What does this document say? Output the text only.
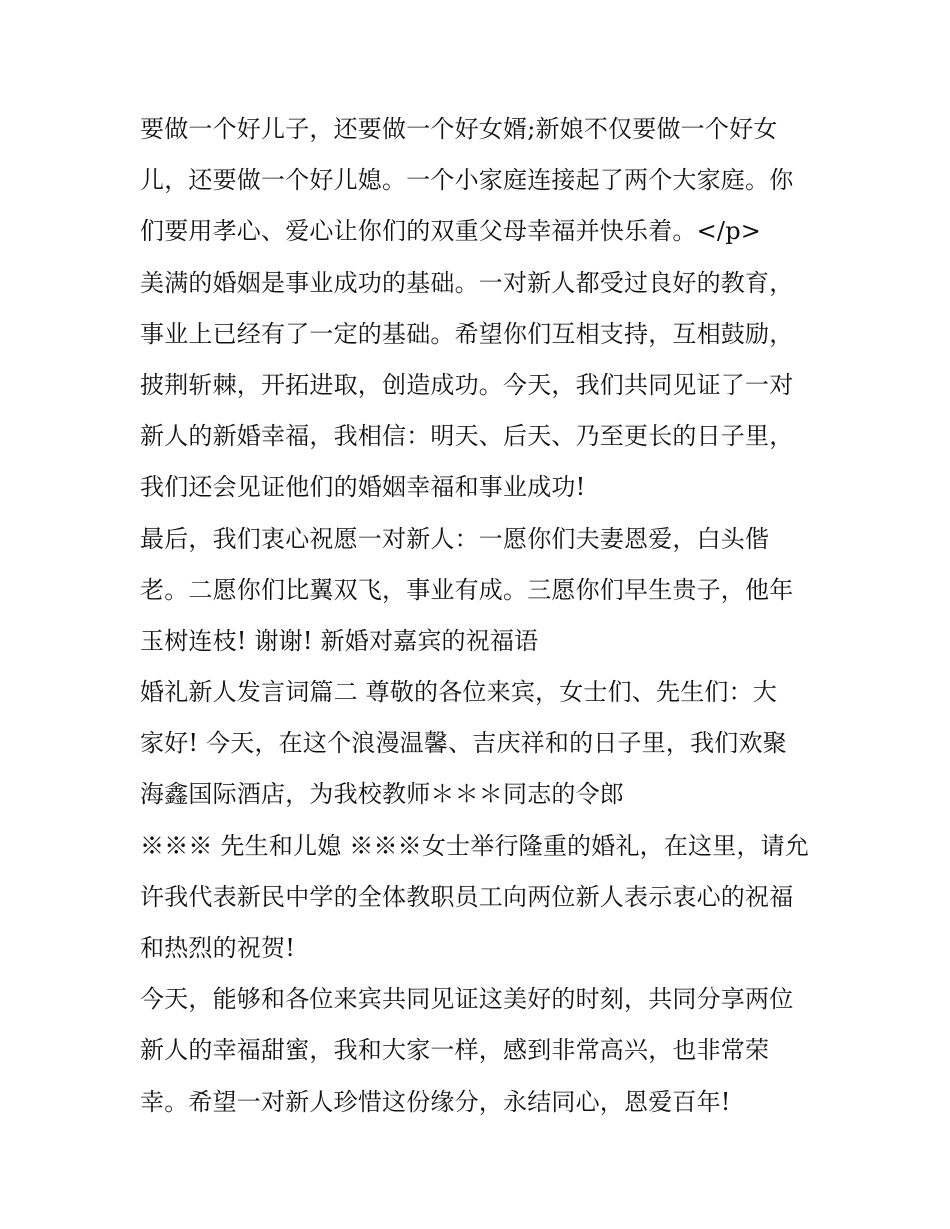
要做一个好儿子，还要做一个好女婿;新娘不仅要做一个好女
儿，还要做一个好儿媳。一个小家庭连接起了两个大家庭。你
们要用孝心、爱心让你们的双重父母幸福并快乐着。</p>
美满的婚姻是事业成功的基础。一对新人都受过良好的教育，
事业上已经有了一定的基础。希望你们互相支持，互相鼓励，
披荆斩棘，开拓进取，创造成功。今天，我们共同见证了一对
新人的新婚幸福，我相信：明天、后天、乃至更长的日子里，
我们还会见证他们的婚姻幸福和事业成功!
最后，我们衷心祝愿一对新人：一愿你们夫妻恩爱，白头偕
老。二愿你们比翼双飞，事业有成。三愿你们早生贵子，他年
玉树连枝! 谢谢! 新婚对嘉宾的祝福语
婚礼新人发言词篇二 尊敬的各位来宾，女士们、先生们：大
家好! 今天，在这个浪漫温馨、吉庆祥和的日子里，我们欢聚
海鑫国际酒店，为我校教师＊＊＊同志的令郎
※※※ 先生和儿媳 ※※※女士举行隆重的婚礼，在这里，请允
许我代表新民中学的全体教职员工向两位新人表示衷心的祝福
和热烈的祝贺!
今天，能够和各位来宾共同见证这美好的时刻，共同分享两位
新人的幸福甜蜜，我和大家一样，感到非常高兴，也非常荣
幸。希望一对新人珍惜这份缘分，永结同心，恩爱百年!
